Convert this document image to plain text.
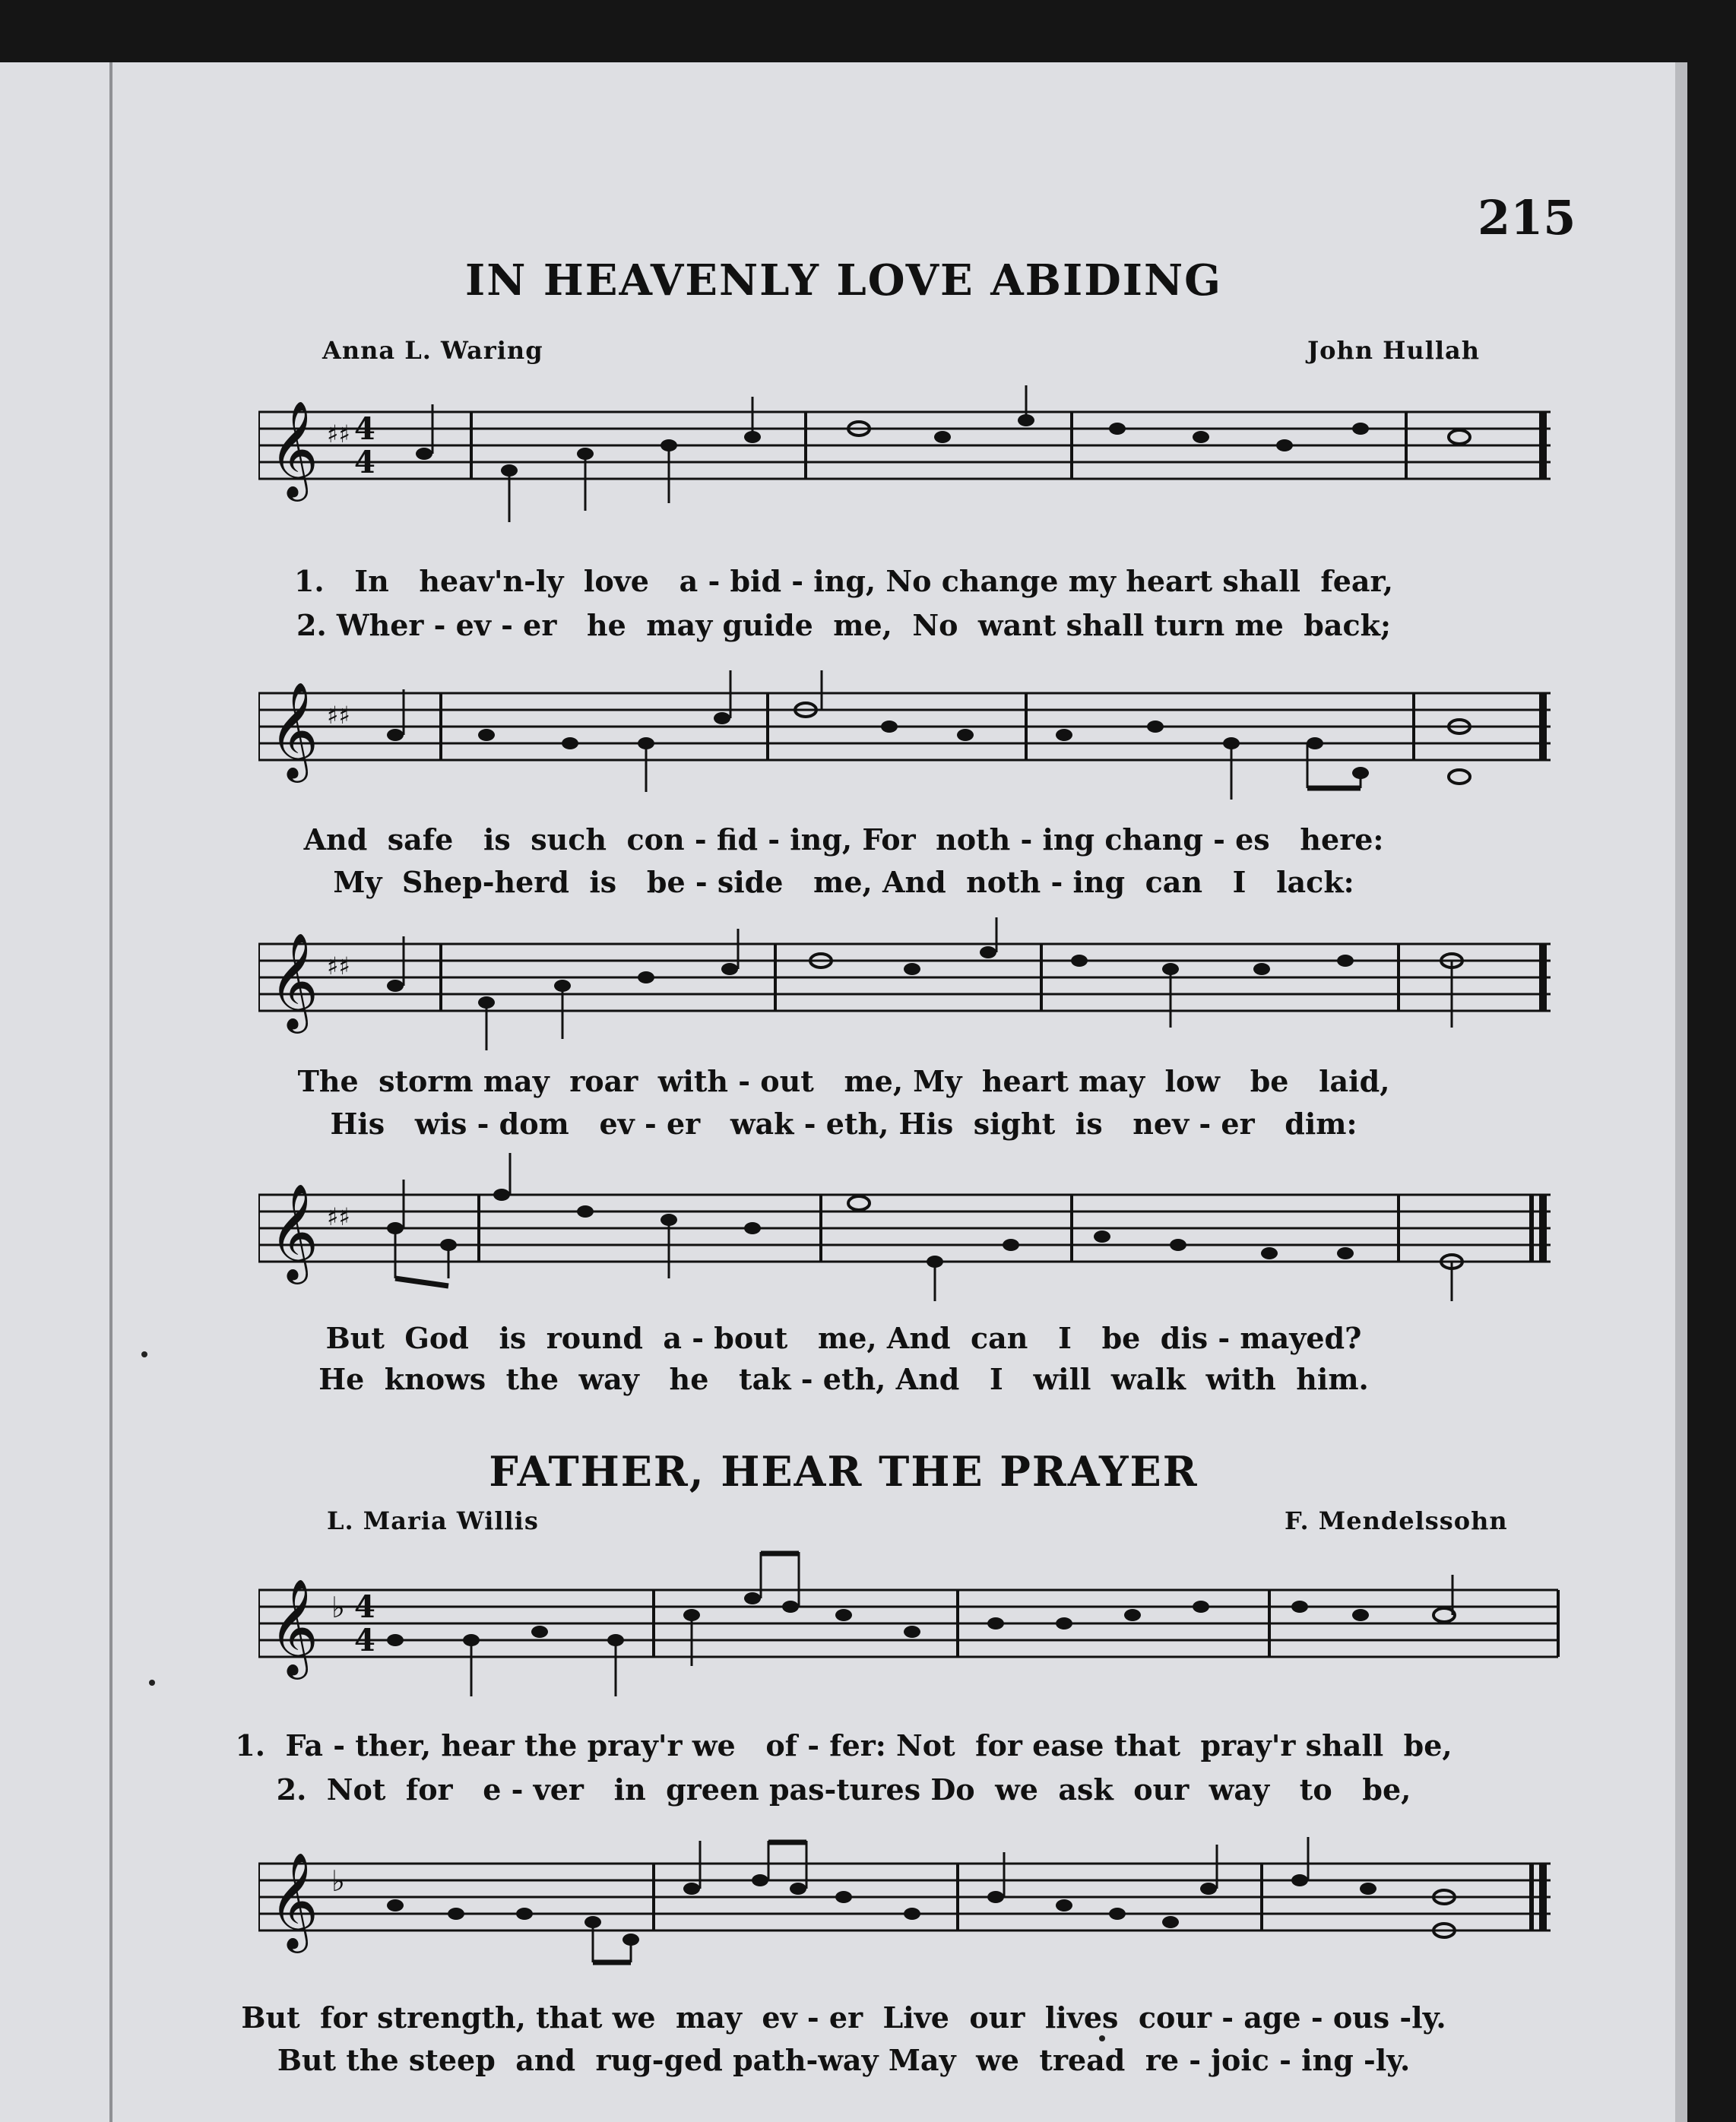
215
IN HEAVENLY LOVE ABIDING
Anna L. Waring	John Hullah
𝄞 ♯♯ 4
4
1.   In   heav'n-ly  love   a - bid - ing, No change my heart shall  fear,
2. Wher - ev - er   he  may guide  me,  No  want shall turn me  back;
𝄞 ♯♯
And  safe   is  such  con - fid - ing, For  noth - ing chang - es   here:
My  Shep-herd  is   be - side   me, And  noth - ing  can   I   lack:
𝄞 ♯♯
The  storm may  roar  with - out   me, My  heart may  low   be   laid,
His   wis - dom   ev - er   wak - eth, His  sight  is   nev - er   dim:
𝄞 ♯♯
But  God   is  round  a - bout   me, And  can   I   be  dis - mayed?
He  knows  the  way   he   tak - eth, And   I   will  walk  with  him.
FATHER, HEAR THE PRAYER
L. Maria Willis	F. Mendelssohn
𝄞 ♭ 4
4
1.  Fa - ther, hear the pray'r we   of - fer: Not  for ease that  pray'r shall  be,
2.  Not  for   e - ver   in  green pas-tures Do  we  ask  our  way   to   be,
𝄞 ♭
But  for strength, that we  may  ev - er  Live  our  lives  cour - age - ous -ly.
But the steep  and  rug-ged path-way May  we  tread  re - joic - ing -ly.
